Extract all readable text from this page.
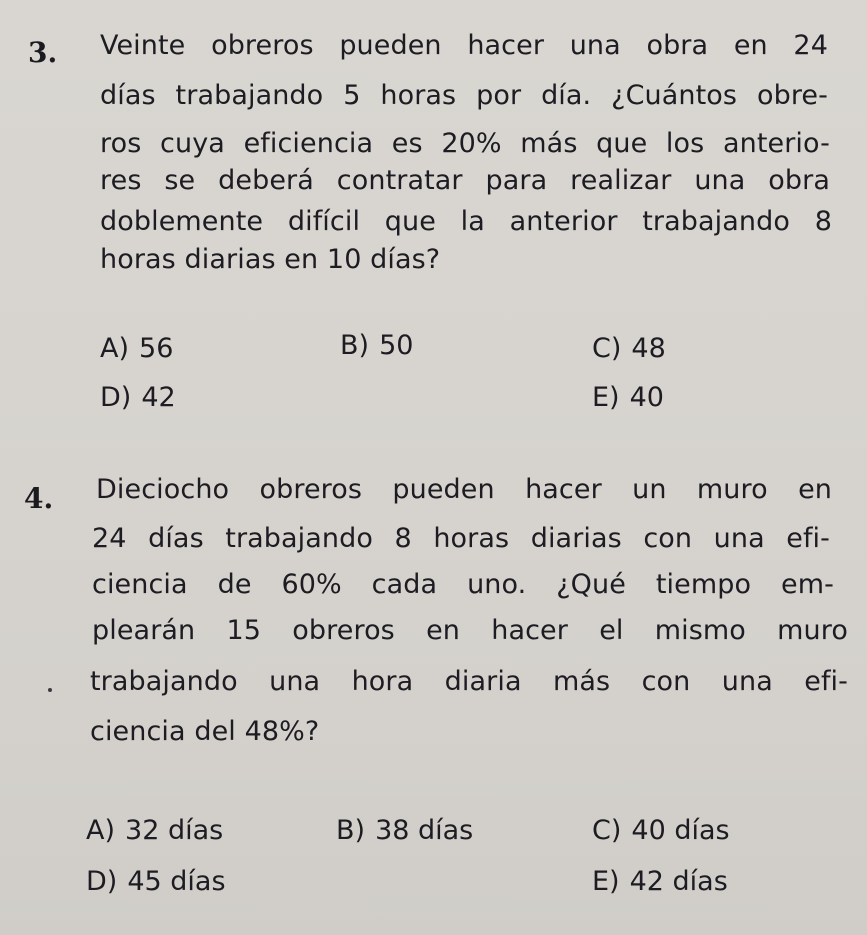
3. Veinte obreros pueden hacer una obra en 24
días trabajando 5 horas por día. ¿Cuántos obre-
ros cuya eficiencia es 20% más que los anterio-
res se deberá contratar para realizar una obra
doblemente difícil que la anterior trabajando 8
horas diarias en 10 días?
A) 56	B) 50	C) 48
D) 42	E) 40
4. Dieciocho obreros pueden hacer un muro en
24 días trabajando 8 horas diarias con una efi-
ciencia de 60% cada uno. ¿Qué tiempo em-
plearán 15 obreros en hacer el mismo muro
trabajando una hora diaria más con una efi-
ciencia del 48%?
A) 32 días	B) 38 días	C) 40 días
D) 45 días	E) 42 días
